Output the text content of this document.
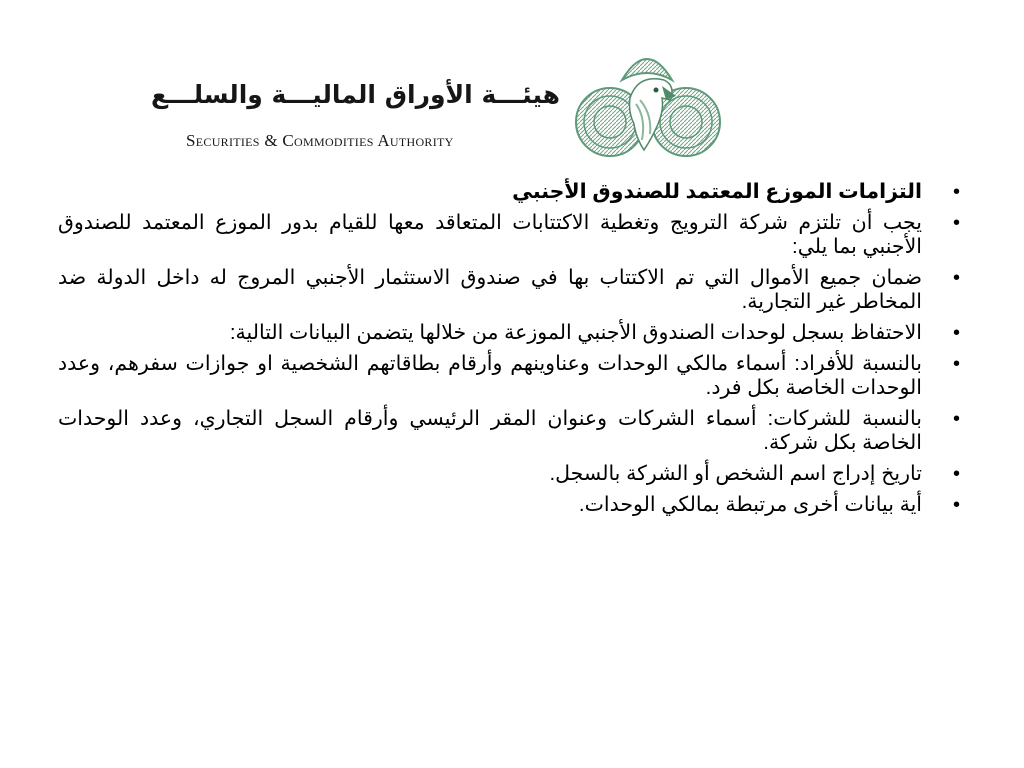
هيئـــة الأوراق الماليـــة والسلـــع
Securities & Commodities Authority
•
التزامات الموزع المعتمد للصندوق الأجنبي
•
يجب أن تلتزم شركة الترويج وتغطية الاكتتابات المتعاقد معها للقيام بدور الموزع المعتمد للصندوق الأجنبي بما يلي:
•
ضمان جميع الأموال التي تم الاكتتاب بها في صندوق الاستثمار الأجنبي المروج له داخل الدولة ضد المخاطر غير التجارية.
•
الاحتفاظ بسجل لوحدات الصندوق الأجنبي الموزعة من خلالها يتضمن البيانات التالية:
•
بالنسبة للأفراد: أسماء مالكي الوحدات وعناوينهم وأرقام بطاقاتهم الشخصية او جوازات سفرهم، وعدد الوحدات الخاصة بكل فرد.
•
بالنسبة للشركات: أسماء الشركات وعنوان المقر الرئيسي وأرقام السجل التجاري، وعدد الوحدات الخاصة بكل شركة.
•
تاريخ إدراج اسم الشخص أو الشركة بالسجل.
•
أية بيانات أخرى مرتبطة بمالكي الوحدات.
